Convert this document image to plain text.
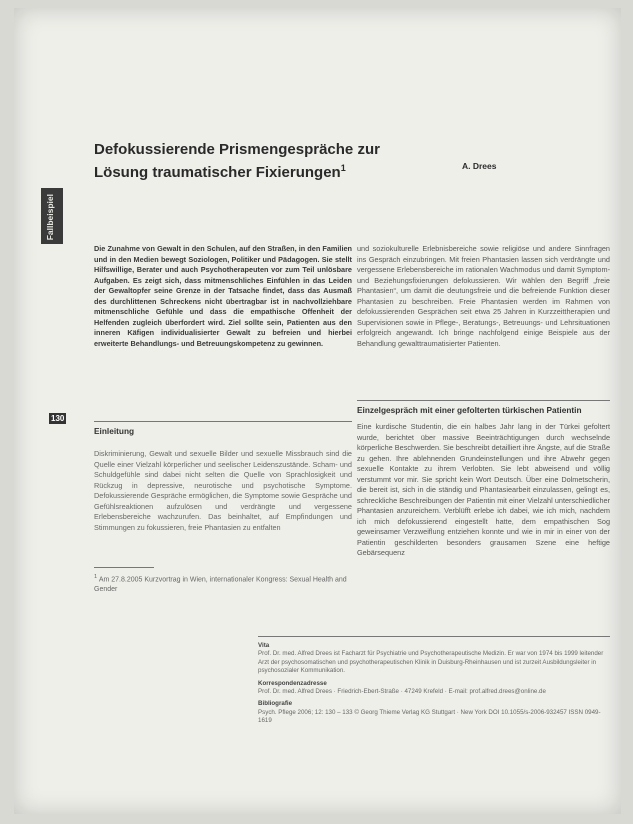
Defokussierende Prismengespräche zur Lösung traumatischer Fixierungen$^1$	A. Drees
Fallbeispiel
130
Die Zunahme von Gewalt in den Schulen, auf den Straßen, in den Familien und in den Medien bewegt Soziologen, Politiker und Pädagogen. Sie stellt Hilfswillige, Berater und auch Psychotherapeuten vor zum Teil unlösbare Aufgaben. Es zeigt sich, dass mitmenschliches Einfühlen in das Leiden der Gewaltopfer seine Grenze in der Tatsache findet, dass das Ausmaß des durchlittenen Schreckens nicht übertragbar ist in nachvollziehbare mitmenschliche Gefühle und dass die empathische Offenheit der Helfenden zugleich überfordert wird. Ziel sollte sein, Patienten aus den inneren Käfigen individualisierter Gewalt zu befreien und hierbei erweiterte Behandlungs- und Betreuungskompetenz zu gewinnen.
und soziokulturelle Erlebnisbereiche sowie religiöse und andere Sinnfragen ins Gespräch einzubringen. Mit freien Phantasien lassen sich verdrängte und vergessene Erlebensbereiche im rationalen Wachmodus und damit Symptom- und Beziehungsfixierungen defokussieren. Wir wählen den Begriff „freie Phantasien“, um damit die deutungsfreie und die befreiende Funktion dieser Phantasien zu beschreiben. Freie Phantasien werden im Rahmen von defokussierenden Gesprächen seit etwa 25 Jahren in Kurzzeittherapien und Supervisionen sowie in Pflege-, Beratungs-, Betreuungs- und Lehrsituationen erfolgreich angewandt. Ich bringe nachfolgend einige Beispiele aus der Behandlung gewalttraumatisierter Patienten.
Einzelgespräch mit einer gefolterten türkischen Patientin
Einleitung
Diskriminierung, Gewalt und sexuelle Bilder und sexuelle Missbrauch sind die Quelle einer Vielzahl körperlicher und seelischer Leidenszustände. Scham- und Schuldgefühle sind dabei nicht selten die Quelle von Sprachlosigkeit und Rückzug in depressive, neurotische und psychotische Symptome. Defokussierende Gespräche ermöglichen, die Symptome sowie Gespräche und Gefühlsreaktionen aufzulösen und verdrängte und vergessene Erlebensbereiche wachzurufen. Das beinhaltet, auf Empfindungen und Stimmungen zu fokussieren, freie Phantasien zu entfalten
Eine kurdische Studentin, die ein halbes Jahr lang in der Türkei gefoltert wurde, berichtet über massive Beeinträchtigungen durch wechselnde körperliche Beschwerden. Sie beschreibt detailliert ihre Ängste, auf die Straße zu gehen. Ihre ablehnenden Grundeinstellungen und ihre Abwehr gegen sexuelle Kontakte zu ihrem Verlobten. Sie lebt abweisend und völlig verstummt vor mir. Sie spricht kein Wort Deutsch. Über eine Dolmetscherin, die bereit ist, sich in die ständig und Phantasiearbeit einzulassen, gelingt es, schreckliche Beschreibungen der Patientin mit einer Vielzahl unterschiedlicher Phantasien anzureichern. Verblüfft erlebe ich dabei, wie ich mich, nachdem ich mich defokussierend eingestellt hatte, dem empathischen Sog geweinsamer Verzweiflung entziehen konnte und wie in mir in einer von der Patientin geschilderten besonders grausamen Szene eine heftige Gebärsequenz
$^1$ Am 27.8.2005 Kurzvortrag in Wien, internationaler Kongress: Sexual Health and Gender
Vita

Prof. Dr. med. Alfred Drees ist Facharzt für Psychiatrie und Psychotherapeutische Medizin. Er war von 1974 bis 1999 leitender Arzt der psychosomatischen und psychotherapeutischen Klinik in Duisburg-Rheinhausen und ist zurzeit Ausbildungsleiter in psychosozialer Kommunikation.

Korrespondenzadresse

Prof. Dr. med. Alfred Drees · Friedrich-Ebert-Straße · 47249 Krefeld · E-mail: prof.alfred.drees@online.de

Bibliografie

Psych. Pflege 2006; 12: 130 – 133 © Georg Thieme Verlag KG Stuttgart · New York DOI 10.1055/s-2006-932457 ISSN 0949-1619
